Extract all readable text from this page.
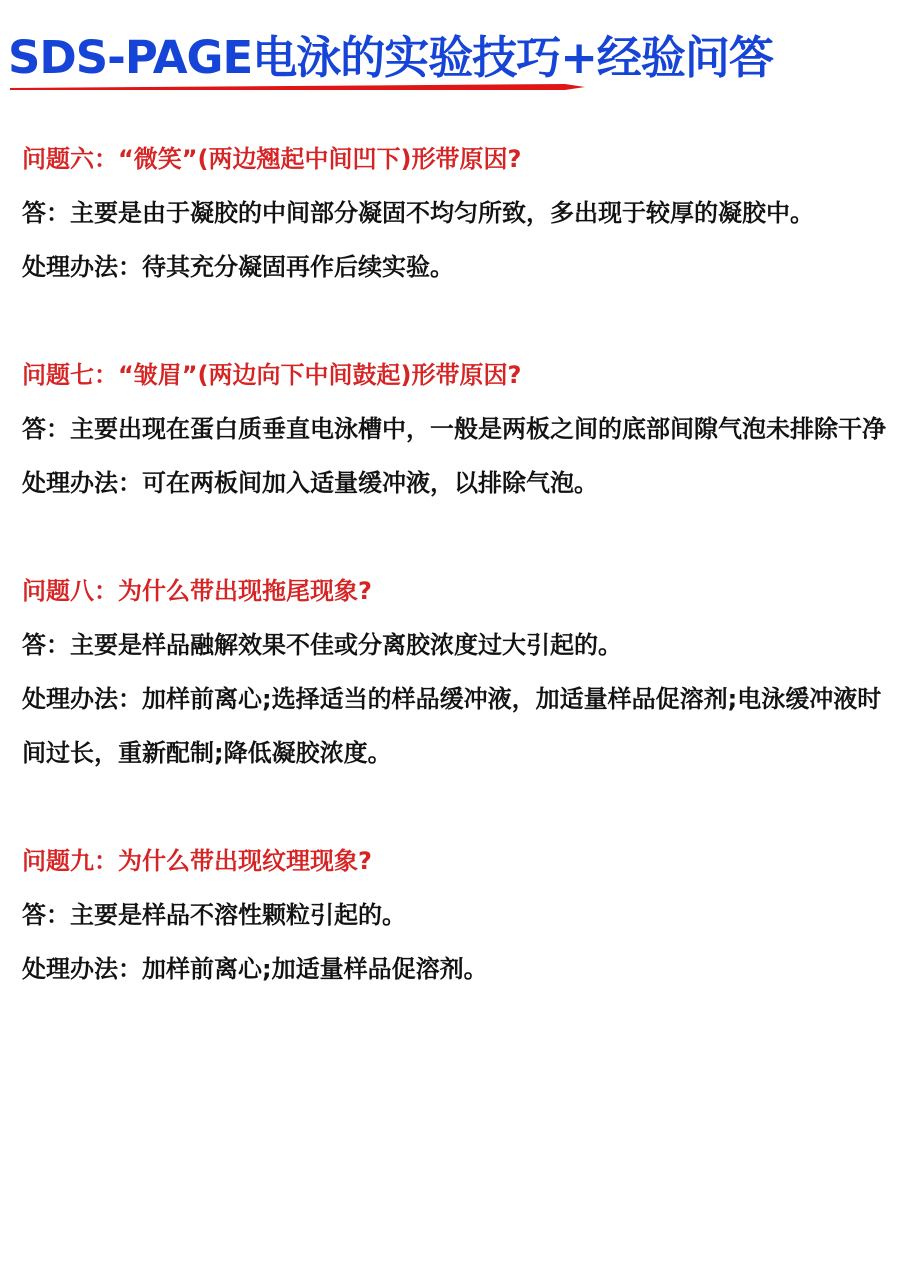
SDS-PAGE电泳的实验技巧+经验问答

问题六：“微笑”(两边翘起中间凹下)形带原因?

答：主要是由于凝胶的中间部分凝固不均匀所致，多出现于较厚的凝胶中。

处理办法：待其充分凝固再作后续实验。

问题七：“皱眉”(两边向下中间鼓起)形带原因?

答：主要出现在蛋白质垂直电泳槽中，一般是两板之间的底部间隙气泡未排除干净

处理办法：可在两板间加入适量缓冲液，以排除气泡。

问题八：为什么带出现拖尾现象?

答：主要是样品融解效果不佳或分离胶浓度过大引起的。

处理办法：加样前离心;选择适当的样品缓冲液，加适量样品促溶剂;电泳缓冲液时间过长，重新配制;降低凝胶浓度。

问题九：为什么带出现纹理现象?

答：主要是样品不溶性颗粒引起的。

处理办法：加样前离心;加适量样品促溶剂。
